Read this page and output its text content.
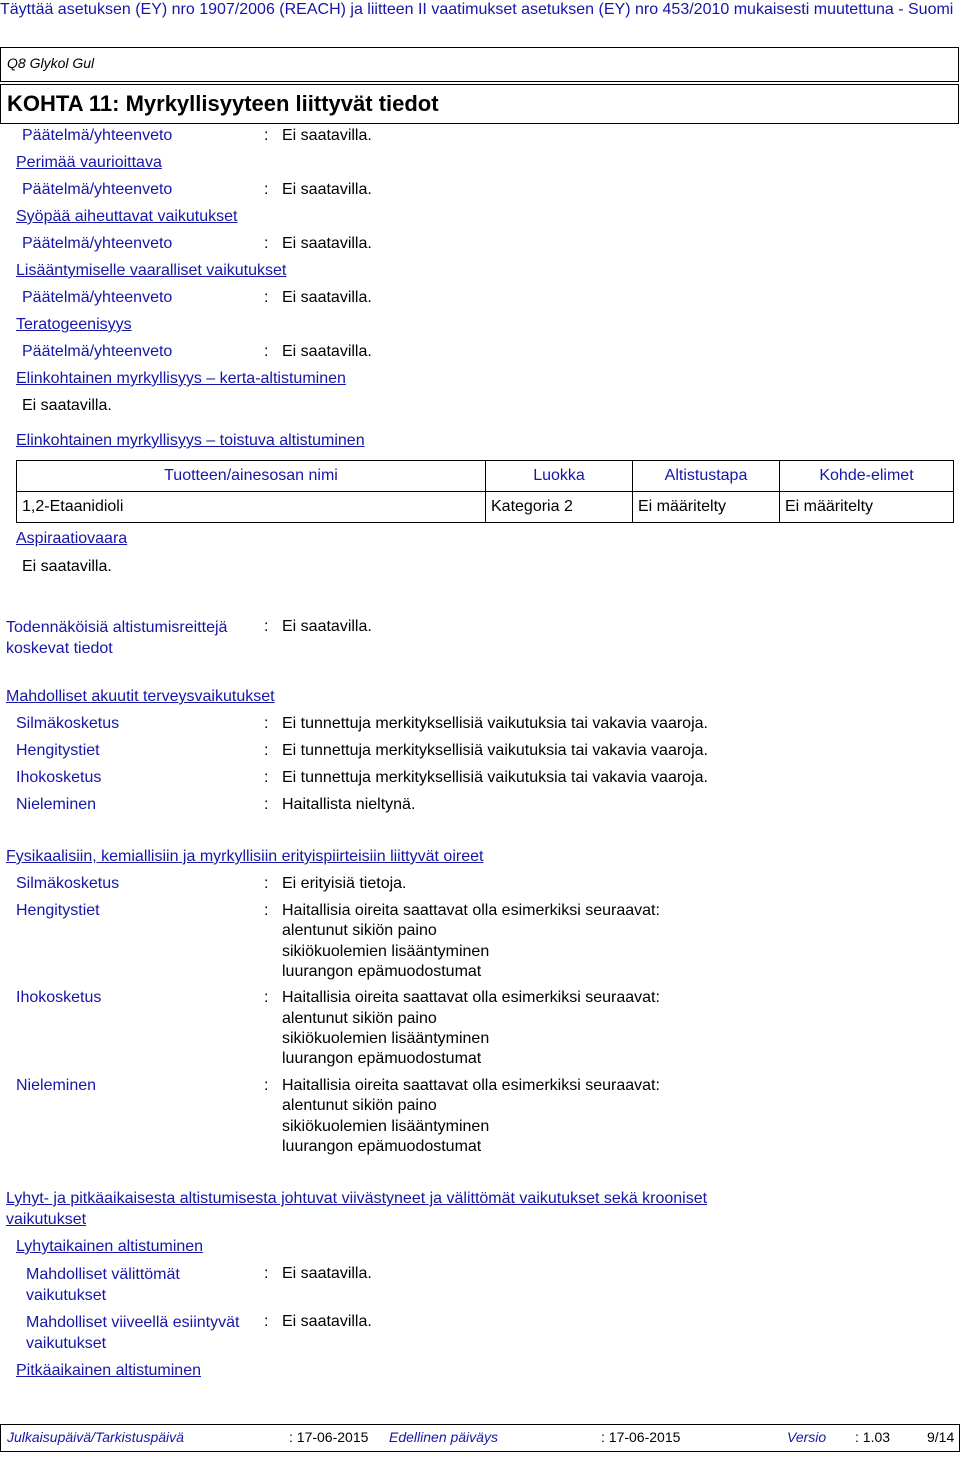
Täyttää asetuksen (EY) nro 1907/2006 (REACH) ja liitteen II vaatimukset asetuksen (EY) nro 453/2010 mukaisesti muutettuna - Suomi
Q8 Glykol Gul
KOHTA 11: Myrkyllisyyteen liittyvät tiedot
Päätelmä/yhteenveto	: Ei saatavilla.
Perimää vaurioittava
Päätelmä/yhteenveto	: Ei saatavilla.
Syöpää aiheuttavat vaikutukset
Päätelmä/yhteenveto	: Ei saatavilla.
Lisääntymiselle vaaralliset vaikutukset
Päätelmä/yhteenveto	: Ei saatavilla.
Teratogeenisyys
Päätelmä/yhteenveto	: Ei saatavilla.
Elinkohtainen myrkyllisyys – kerta-altistuminen
Ei saatavilla.
Elinkohtainen myrkyllisyys – toistuva altistuminen
Tuotteen/ainesosan nimi	Luokka	Altistustapa	Kohde-elimet
1,2-Etaanidioli	Kategoria 2	Ei määritelty	Ei määritelty
Aspiraatiovaara
Ei saatavilla.
Todennäköisiä altistumisreittejä koskevat tiedot
: Ei saatavilla.
Mahdolliset akuutit terveysvaikutukset
Silmäkosketus	: Ei tunnettuja merkityksellisiä vaikutuksia tai vakavia vaaroja.
Hengitystiet	: Ei tunnettuja merkityksellisiä vaikutuksia tai vakavia vaaroja.
Ihokosketus	: Ei tunnettuja merkityksellisiä vaikutuksia tai vakavia vaaroja.
Nieleminen	: Haitallista nieltynä.
Fysikaalisiin, kemiallisiin ja myrkyllisiin erityispiirteisiin liittyvät oireet
Silmäkosketus	: Ei erityisiä tietoja.
Hengitystiet	: Haitallisia oireita saattavat olla esimerkiksi seuraavat:
alentunut sikiön paino
sikiökuolemien lisääntyminen
luurangon epämuodostumat
Ihokosketus	: Haitallisia oireita saattavat olla esimerkiksi seuraavat:
alentunut sikiön paino
sikiökuolemien lisääntyminen
luurangon epämuodostumat
Nieleminen	: Haitallisia oireita saattavat olla esimerkiksi seuraavat:
alentunut sikiön paino
sikiökuolemien lisääntyminen
luurangon epämuodostumat
Lyhyt- ja pitkäaikaisesta altistumisesta johtuvat viivästyneet ja välittömät vaikutukset sekä krooniset
vaikutukset
Lyhytaikainen altistuminen
Mahdolliset välittömät vaikutukset
: Ei saatavilla.
Mahdolliset viiveellä esiintyvät vaikutukset
: Ei saatavilla.
Pitkäaikainen altistuminen
Julkaisupäivä/Tarkistuspäivä	: 17-06-2015 Edellinen päiväys	: 17-06-2015	Versio : 1.03	9/14
